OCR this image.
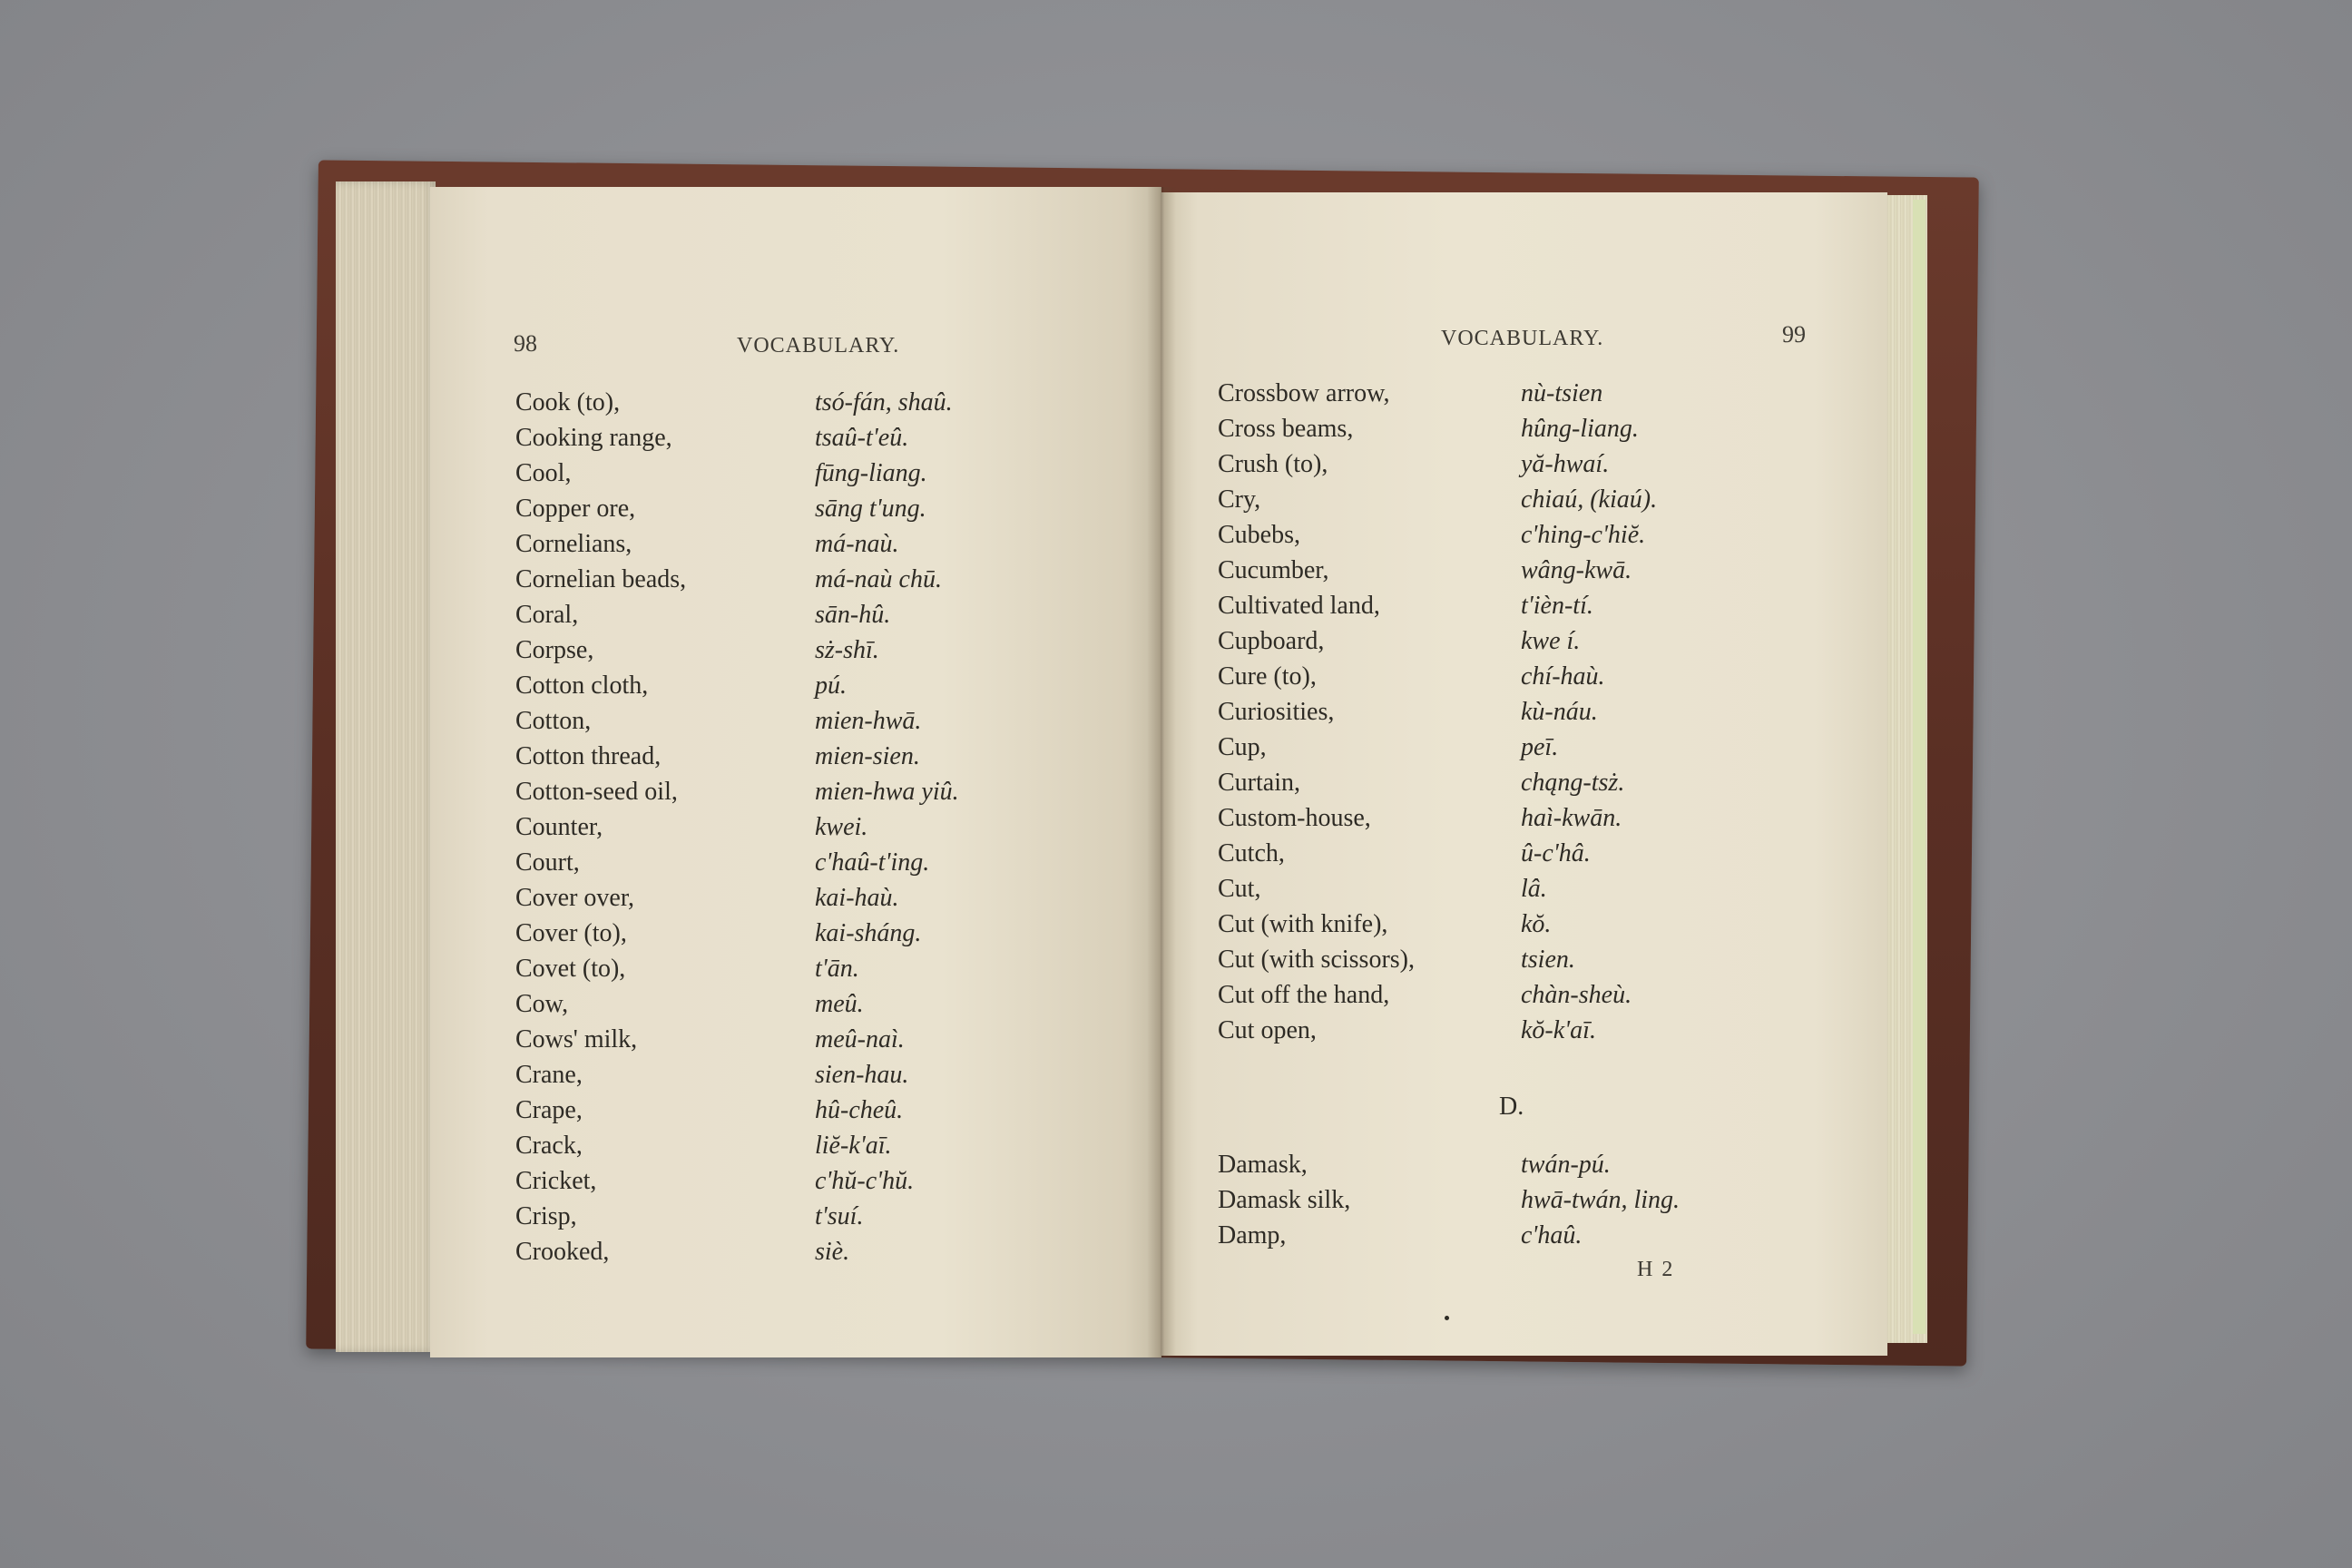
98	VOCABULARY.
Cook (to),	tsó-fán, shaû.
Cooking range,	tsaû-t'eû.
Cool,	fūng-liang.
Copper ore,	sāng t'ung.
Cornelians,	má-naù.
Cornelian beads,	má-naù chū.
Coral,	sān-hû.
Corpse,	sż-shī.
Cotton cloth,	pú.
Cotton,	mien-hwā.
Cotton thread,	mien-sien.
Cotton-seed oil,	mien-hwa yiû.
Counter,	kwei.
Court,	c'haû-t'ing.
Cover over,	kai-haù.
Cover (to),	kai-sháng.
Covet (to),	t'ān.
Cow,	meû.
Cows' milk,	meû-naì.
Crane,	sien-hau.
Crape,	hû-cheû.
Crack,	liĕ-k'aī.
Cricket,	c'hŭ-c'hŭ.
Crisp,	t'suí.
Crooked,	siè.
VOCABULARY.	99
Crossbow arrow,	nù-tsien
Cross beams,	hûng-liang.
Crush (to),	yă-hwaí.
Cry,	chiaú, (kiaú).
Cubebs,	c'hing-c'hiĕ.
Cucumber,	wâng-kwā.
Cultivated land,	t'ièn-tí.
Cupboard,	kwe í.
Cure (to),	chí-haù.
Curiosities,	kù-náu.
Cup,	peī.
Curtain,	chąng-tsż.
Custom-house,	haì-kwān.
Cutch,	û-c'hâ.
Cut,	lâ.
Cut (with knife),	kŏ.
Cut (with scissors),	tsien.
Cut off the hand,	chàn-sheù.
Cut open,	kŏ-k'aī.
D.
Damask,	twán-pú.
Damask silk,	hwā-twán, ling.
Damp,	c'haû.
H 2
